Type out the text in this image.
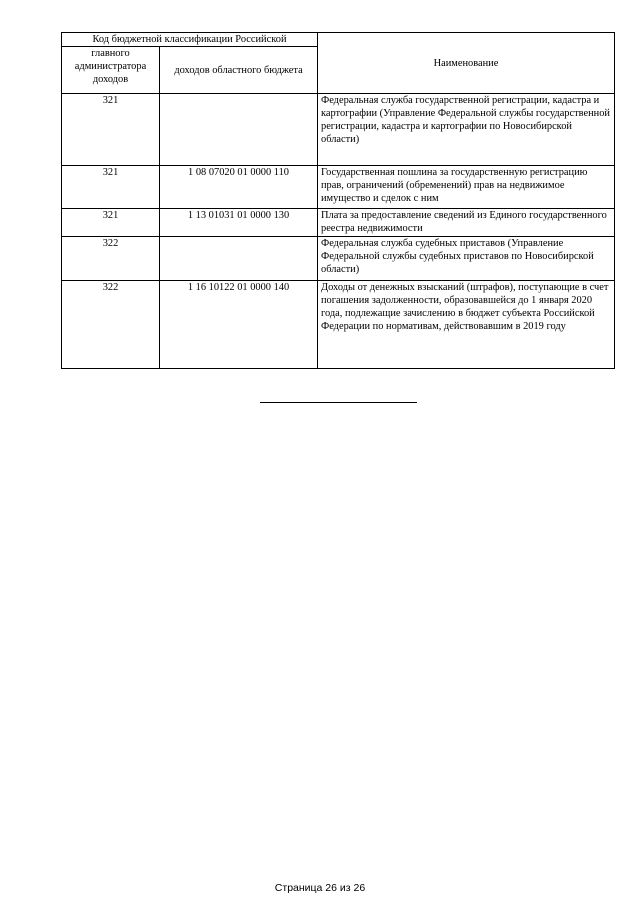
Код бюджетной классификации Российской		Наименование
главного администратора доходов	доходов областного бюджета	
321		Федеральная служба государственной регистрации, кадастра и картографии (Управление Федеральной службы государственной регистрации, кадастра и картографии по Новосибирской области)
321	1 08 07020 01 0000 110	Государственная пошлина за государственную регистрацию прав, ограничений (обременений) прав на недвижимое имущество и сделок с ним
321	1 13 01031 01 0000 130	Плата за предоставление сведений из Единого государственного реестра недвижимости
322		Федеральная служба судебных приставов (Управление Федеральной службы судебных приставов по Новосибирской области)
322	1 16 10122 01 0000 140	Доходы от денежных взысканий (штрафов), поступающие в счет погашения задолженности, образовавшейся до 1 января 2020 года, подлежащие зачислению в бюджет субъекта Российской Федерации по нормативам, действовавшим в 2019 году
Страница 26 из 26
